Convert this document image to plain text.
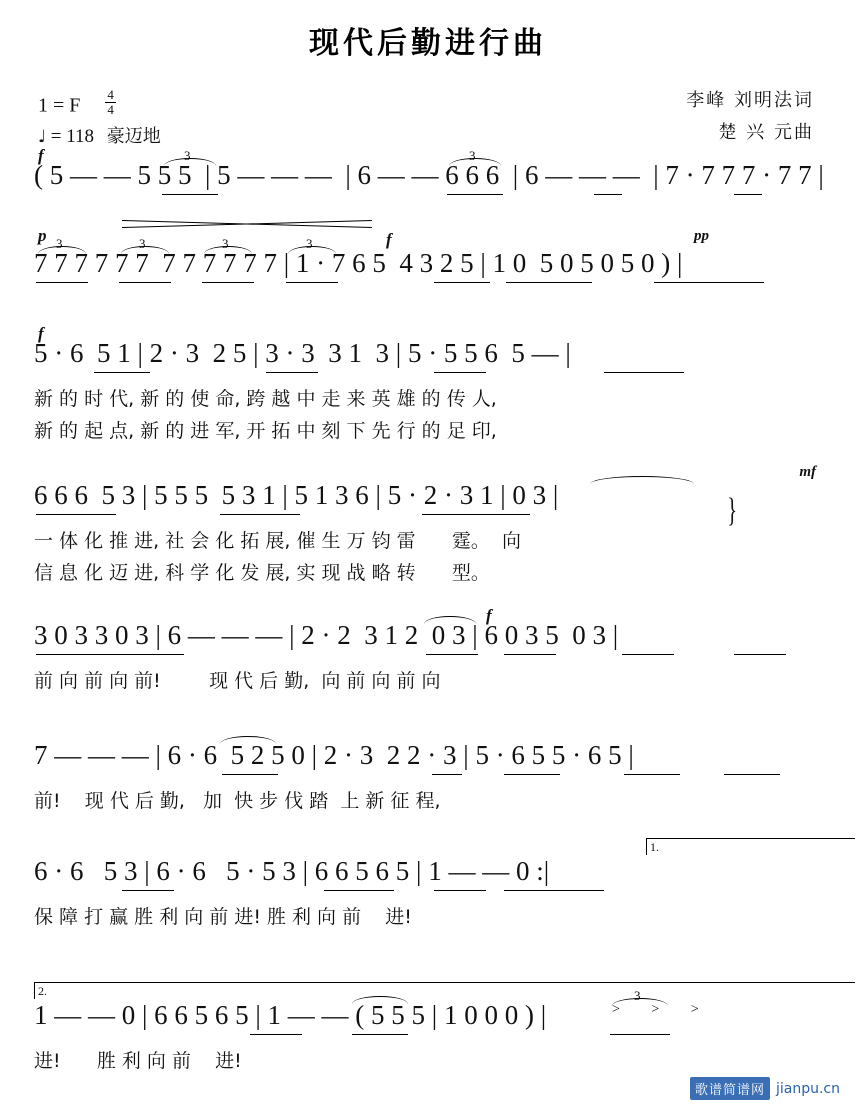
现代后勤进行曲
1 = F $\frac{4}{4}$
♩ = 118 豪迈地
李峰 刘明法词
楚 兴 元曲
f	3	3
( 5 — — 5 5 5  | 5 — — —  | 6 — — 6 6 6  | 6 — — —  | 7 · 7 7 7 · 7 7 |
p	f	pp
3	3	3	3
7 7 7 7 7 7  7 7 7 7 7 7 | 1 · 7 6 5  4 3 2 5 | 1 0  5 0 5 0 5 0 ) |
f
5 · 6  5 1 | 2 · 3  2 5 | 3 · 3  3 1  3 | 5 · 5 5 6  5 — |
新 的 时 代, 新 的 使 命, 跨 越 中 走 来 英 雄 的 传 人,
新 的 起 点, 新 的 进 军, 开 拓 中 刻 下 先 行 的 足 印,
mf
6 6 6  5 3 | 5 5 5  5 3 1 | 5 1 3 6 | 5 · 2 · 3 1 | 0 3 |	}
一 体 化 推 进, 社 会 化 拓 展, 催 生 万 钧 雷      霆。  向
信 息 化 迈 进, 科 学 化 发 展, 实 现 战 略 转      型。
f
3 0 3 3 0 3 | 6 — — — | 2 · 2  3 1 2  0 3 | 6 0 3 5  0 3 |
前 向 前 向 前!        现 代 后 勤,  向 前 向 前 向
7 — — — | 6 · 6  5 2 5 0 | 2 · 3  2 2 · 3 | 5 · 6 5 5 · 6 5 |
前!    现 代 后 勤,   加  快 步 伐 踏  上 新 征 程,
1.
6 · 6   5 3 | 6 · 6   5 · 5 3 | 6 6 5 6 5 | 1 — — 0 :|
保 障 打 赢 胜 利 向 前 进! 胜 利 向 前    进!
2.	3
> > >
1 — — 0 | 6 6 5 6 5 | 1 — — ( 5 5 5 | 1 0 0 0 ) |
进!      胜 利 向 前    进!
歌谱简谱网 jianpu.cn
